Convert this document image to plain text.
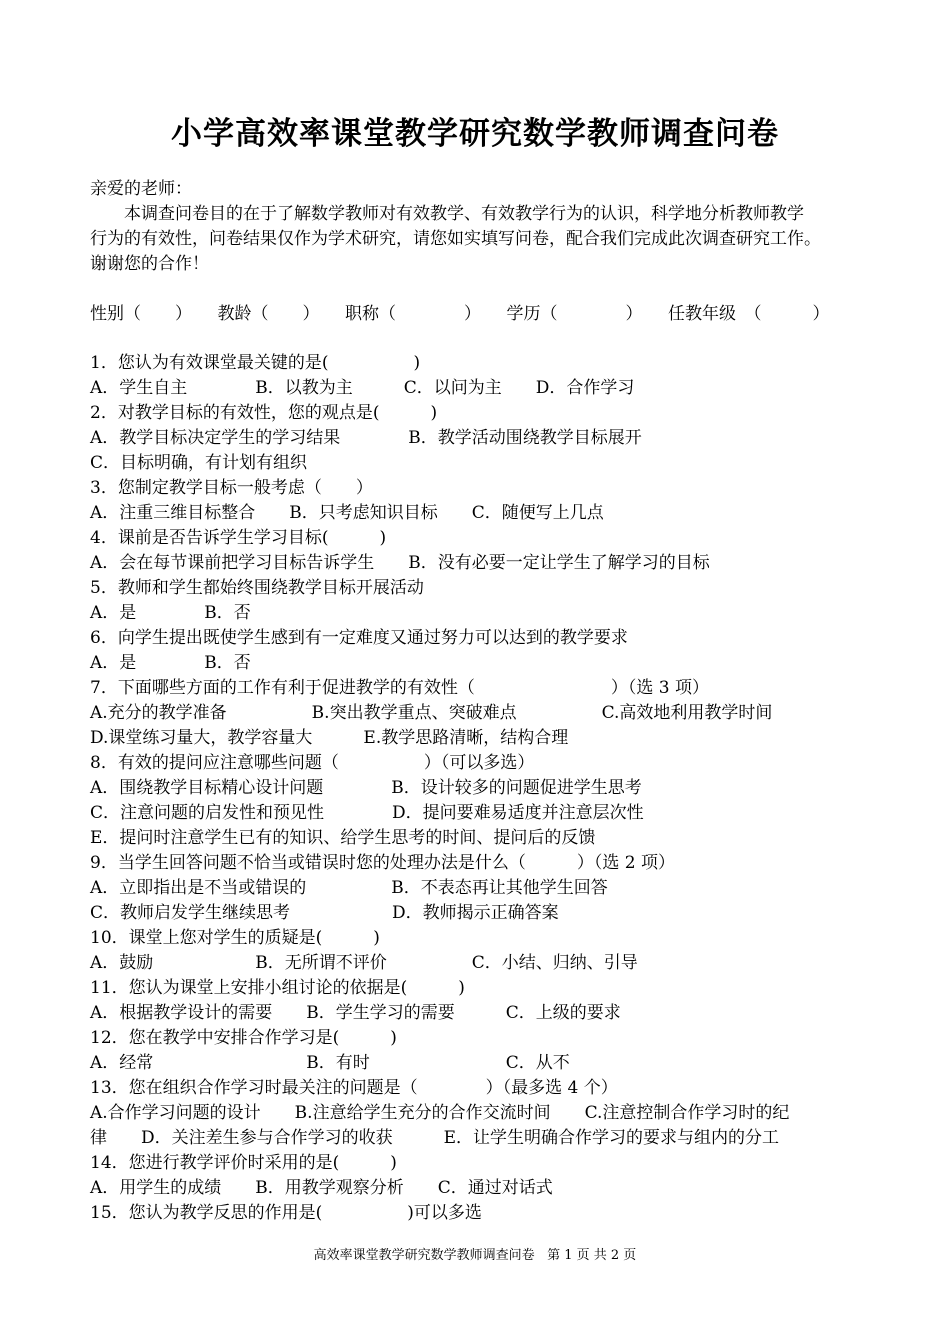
小学高效率课堂教学研究数学教师调查问卷
亲爱的老师：
　　本调查问卷目的在于了解数学教师对有效教学、有效教学行为的认识，科学地分析教师教学
行为的有效性，问卷结果仅作为学术研究，请您如实填写问卷，配合我们完成此次调查研究工作。
谢谢您的合作！
性别（　　）　　教龄（　　）　　职称（　　　　）　　学历（　　　　）　　任教年级　（　　　）
1．您认为有效课堂最关键的是(　　　　　)
A．学生自主　　　　B．以教为主　　　C．以问为主　　D．合作学习
2．对教学目标的有效性，您的观点是(　　　)
A．教学目标决定学生的学习结果　　　　B．教学活动围绕教学目标展开
C．目标明确，有计划有组织
3．您制定教学目标一般考虑（　　）
A．注重三维目标整合　　B．只考虑知识目标　　C．随便写上几点
4．课前是否告诉学生学习目标(　　　)
A．会在每节课前把学习目标告诉学生　　B．没有必要一定让学生了解学习的目标
5．教师和学生都始终围绕教学目标开展活动
A．是　　　　B．否
6．向学生提出既使学生感到有一定难度又通过努力可以达到的教学要求
A．是　　　　B．否
7．下面哪些方面的工作有利于促进教学的有效性（　　　　　　　　）（选 3 项）
A.充分的教学准备　　　　　B.突出教学重点、突破难点　　　　　C.高效地利用教学时间
D.课堂练习量大，教学容量大　　　E.教学思路清晰，结构合理
8．有效的提问应注意哪些问题（　　　　　）（可以多选）
A．围绕教学目标精心设计问题　　　　B．设计较多的问题促进学生思考
C．注意问题的启发性和预见性　　　　D．提问要难易适度并注意层次性
E．提问时注意学生已有的知识、给学生思考的时间、提问后的反馈
9．当学生回答问题不恰当或错误时您的处理办法是什么（　　　）（选 2 项）
A．立即指出是不当或错误的　　　　　B．不表态再让其他学生回答
C．教师启发学生继续思考　　　　　　D．教师揭示正确答案
10．课堂上您对学生的质疑是(　　　)
A．鼓励　　　　　　B．无所谓不评价　　　　　C．小结、归纳、引导
11．您认为课堂上安排小组讨论的依据是(　　　)
A．根据教学设计的需要　　B．学生学习的需要　　　C．上级的要求
12．您在教学中安排合作学习是(　　　)
A．经常　　　　　　　　　B．有时　　　　　　　　C．从不
13．您在组织合作学习时最关注的问题是（　　　　）（最多选 4 个）
A.合作学习问题的设计　　B.注意给学生充分的合作交流时间　　C.注意控制合作学习时的纪
律　　D．关注差生参与合作学习的收获　　　E．让学生明确合作学习的要求与组内的分工
14．您进行教学评价时采用的是(　　　)
A．用学生的成绩　　B．用教学观察分析　　C．通过对话式
15．您认为教学反思的作用是(　　　　　)可以多选
高效率课堂教学研究数学教师调查问卷 第 1 页 共 2 页
